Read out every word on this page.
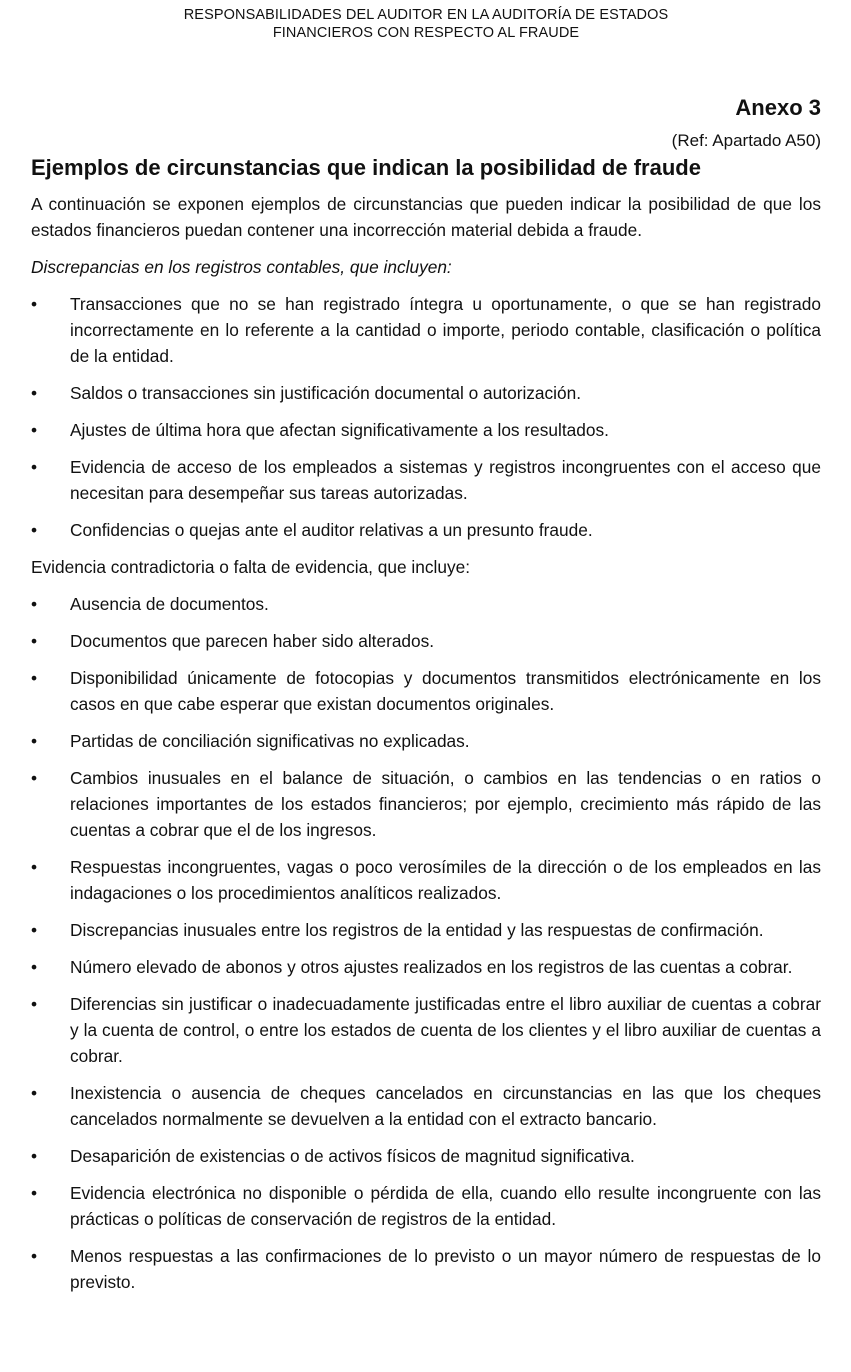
RESPONSABILIDADES DEL AUDITOR EN LA AUDITORÍA DE ESTADOS
FINANCIEROS CON RESPECTO AL FRAUDE
Anexo 3
(Ref: Apartado A50)
Ejemplos de circunstancias que indican la posibilidad de fraude

A continuación se exponen ejemplos de circunstancias que pueden indicar la posibilidad de que los estados financieros puedan contener una incorrección material debida a fraude.

Discrepancias en los registros contables, que incluyen:

•	Transacciones que no se han registrado íntegra u oportunamente, o que se han registrado incorrectamente en lo referente a la cantidad o importe, periodo contable, clasificación o política de la entidad.
•	Saldos o transacciones sin justificación documental o autorización.
•	Ajustes de última hora que afectan significativamente a los resultados.
•	Evidencia de acceso de los empleados a sistemas y registros incongruentes con el acceso que necesitan para desempeñar sus tareas autorizadas.
•	Confidencias o quejas ante el auditor relativas a un presunto fraude.

Evidencia contradictoria o falta de evidencia, que incluye:

•	Ausencia de documentos.
•	Documentos que parecen haber sido alterados.
•	Disponibilidad únicamente de fotocopias y documentos transmitidos electrónicamente en los casos en que cabe esperar que existan documentos originales.
•	Partidas de conciliación significativas no explicadas.
•	Cambios inusuales en el balance de situación, o cambios en las tendencias o en ratios o relaciones importantes de los estados financieros; por ejemplo, crecimiento más rápido de las cuentas a cobrar que el de los ingresos.
•	Respuestas incongruentes, vagas o poco verosímiles de la dirección o de los empleados en las indagaciones o los procedimientos analíticos realizados.
•	Discrepancias inusuales entre los registros de la entidad y las respuestas de confirmación.
•	Número elevado de abonos y otros ajustes realizados en los registros de las cuentas a cobrar.
•	Diferencias sin justificar o inadecuadamente justificadas entre el libro auxiliar de cuentas a cobrar y la cuenta de control, o entre los estados de cuenta de los clientes y el libro auxiliar de cuentas a cobrar.
•	Inexistencia o ausencia de cheques cancelados en circunstancias en las que los cheques cancelados normalmente se devuelven a la entidad con el extracto bancario.
•	Desaparición de existencias o de activos físicos de magnitud significativa.
•	Evidencia electrónica no disponible o pérdida de ella, cuando ello resulte incongruente con las prácticas o políticas de conservación de registros de la entidad.
•	Menos respuestas a las confirmaciones de lo previsto o un mayor número de respuestas de lo previsto.
